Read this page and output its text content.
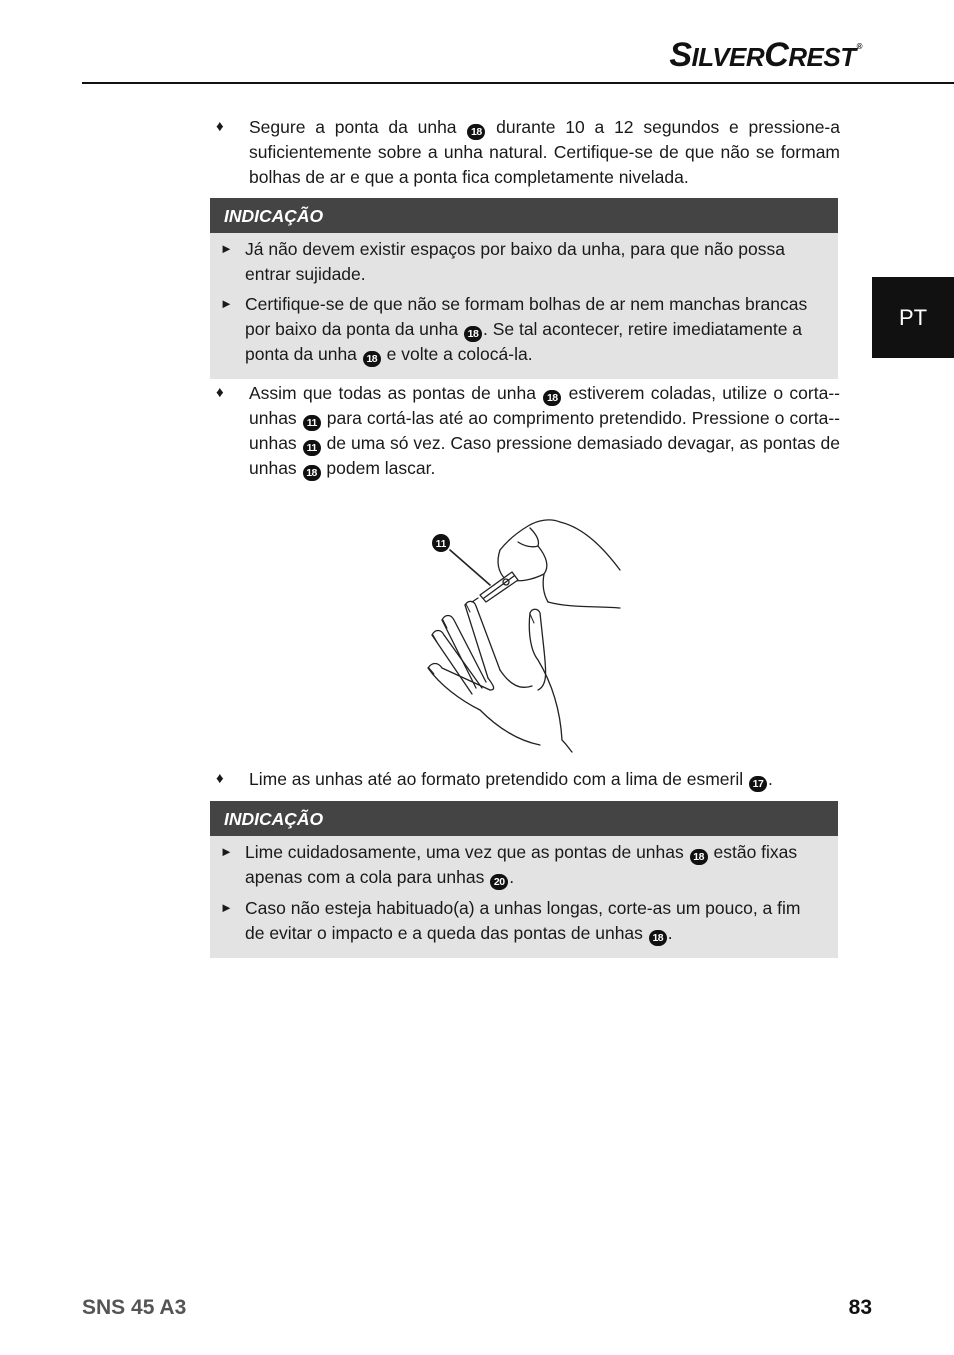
SILVERCREST®
PT
♦ Segure a ponta da unha 18 durante 10 a 12 segundos e pressione-a suficientemente sobre a unha natural. Certifique-se de que não se formam bolhas de ar e que a ponta fica completamente nivelada.
INDICAÇÃO
► Já não devem existir espaços por baixo da unha, para que não possa entrar sujidade.
► Certifique-se de que não se formam bolhas de ar nem manchas brancas por baixo da ponta da unha 18 . Se tal acontecer, retire imediatamente a ponta da unha 18 e volte a colocá-la.
♦ Assim que todas as pontas de unha 18 estiverem coladas, utilize o corta--unhas 11 para cortá-las até ao comprimento pretendido. Pressione o corta--unhas 11 de uma só vez. Caso pressione demasiado devagar, as pontas de unhas 18 podem lascar.
11
♦ Lime as unhas até ao formato pretendido com a lima de esmeril 17 .
INDICAÇÃO
► Lime cuidadosamente, uma vez que as pontas de unhas 18 estão fixas apenas com a cola para unhas 20 .
► Caso não esteja habituado(a) a unhas longas, corte-as um pouco, a fim de evitar o impacto e a queda das pontas de unhas 18 .
SNS 45 A3	83
